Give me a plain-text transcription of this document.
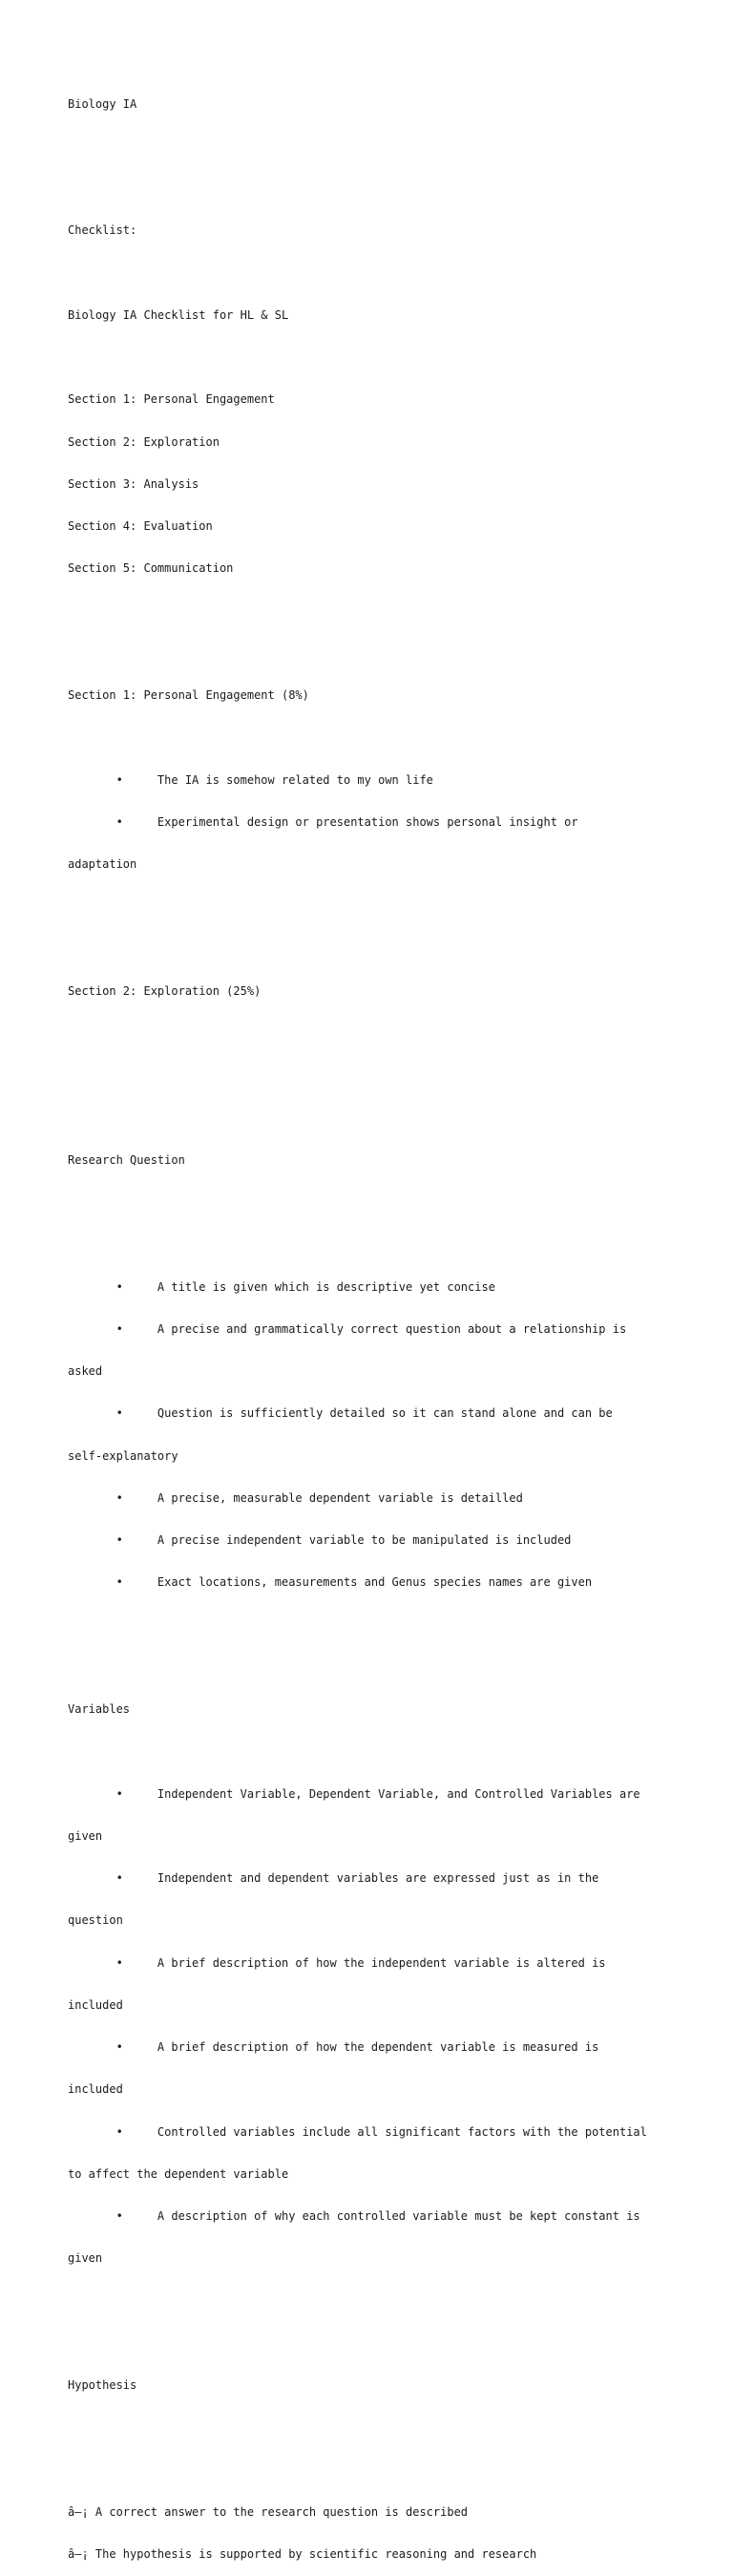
Biology IA

Checklist:

Biology IA Checklist for HL & SL

Section 1: Personal Engagement

Section 2: Exploration

Section 3: Analysis

Section 4: Evaluation

Section 5: Communication

Section 1: Personal Engagement (8%)

•     The IA is somehow related to my own life

•     Experimental design or presentation shows personal insight or

adaptation

Section 2: Exploration (25%)

Research Question

•     A title is given which is descriptive yet concise

•     A precise and grammatically correct question about a relationship is

asked

•     Question is sufficiently detailed so it can stand alone and can be

self-explanatory

•     A precise, measurable dependent variable is detailled

•     A precise independent variable to be manipulated is included

•     Exact locations, measurements and Genus species names are given

Variables

•     Independent Variable, Dependent Variable, and Controlled Variables are

given

•     Independent and dependent variables are expressed just as in the

question

•     A brief description of how the independent variable is altered is

included

•     A brief description of how the dependent variable is measured is

included

•     Controlled variables include all significant factors with the potential

to affect the dependent variable

•     A description of why each controlled variable must be kept constant is

given

Hypothesis

â–¡ A correct answer to the research question is described

â–¡ The hypothesis is supported by scientific reasoning and research
